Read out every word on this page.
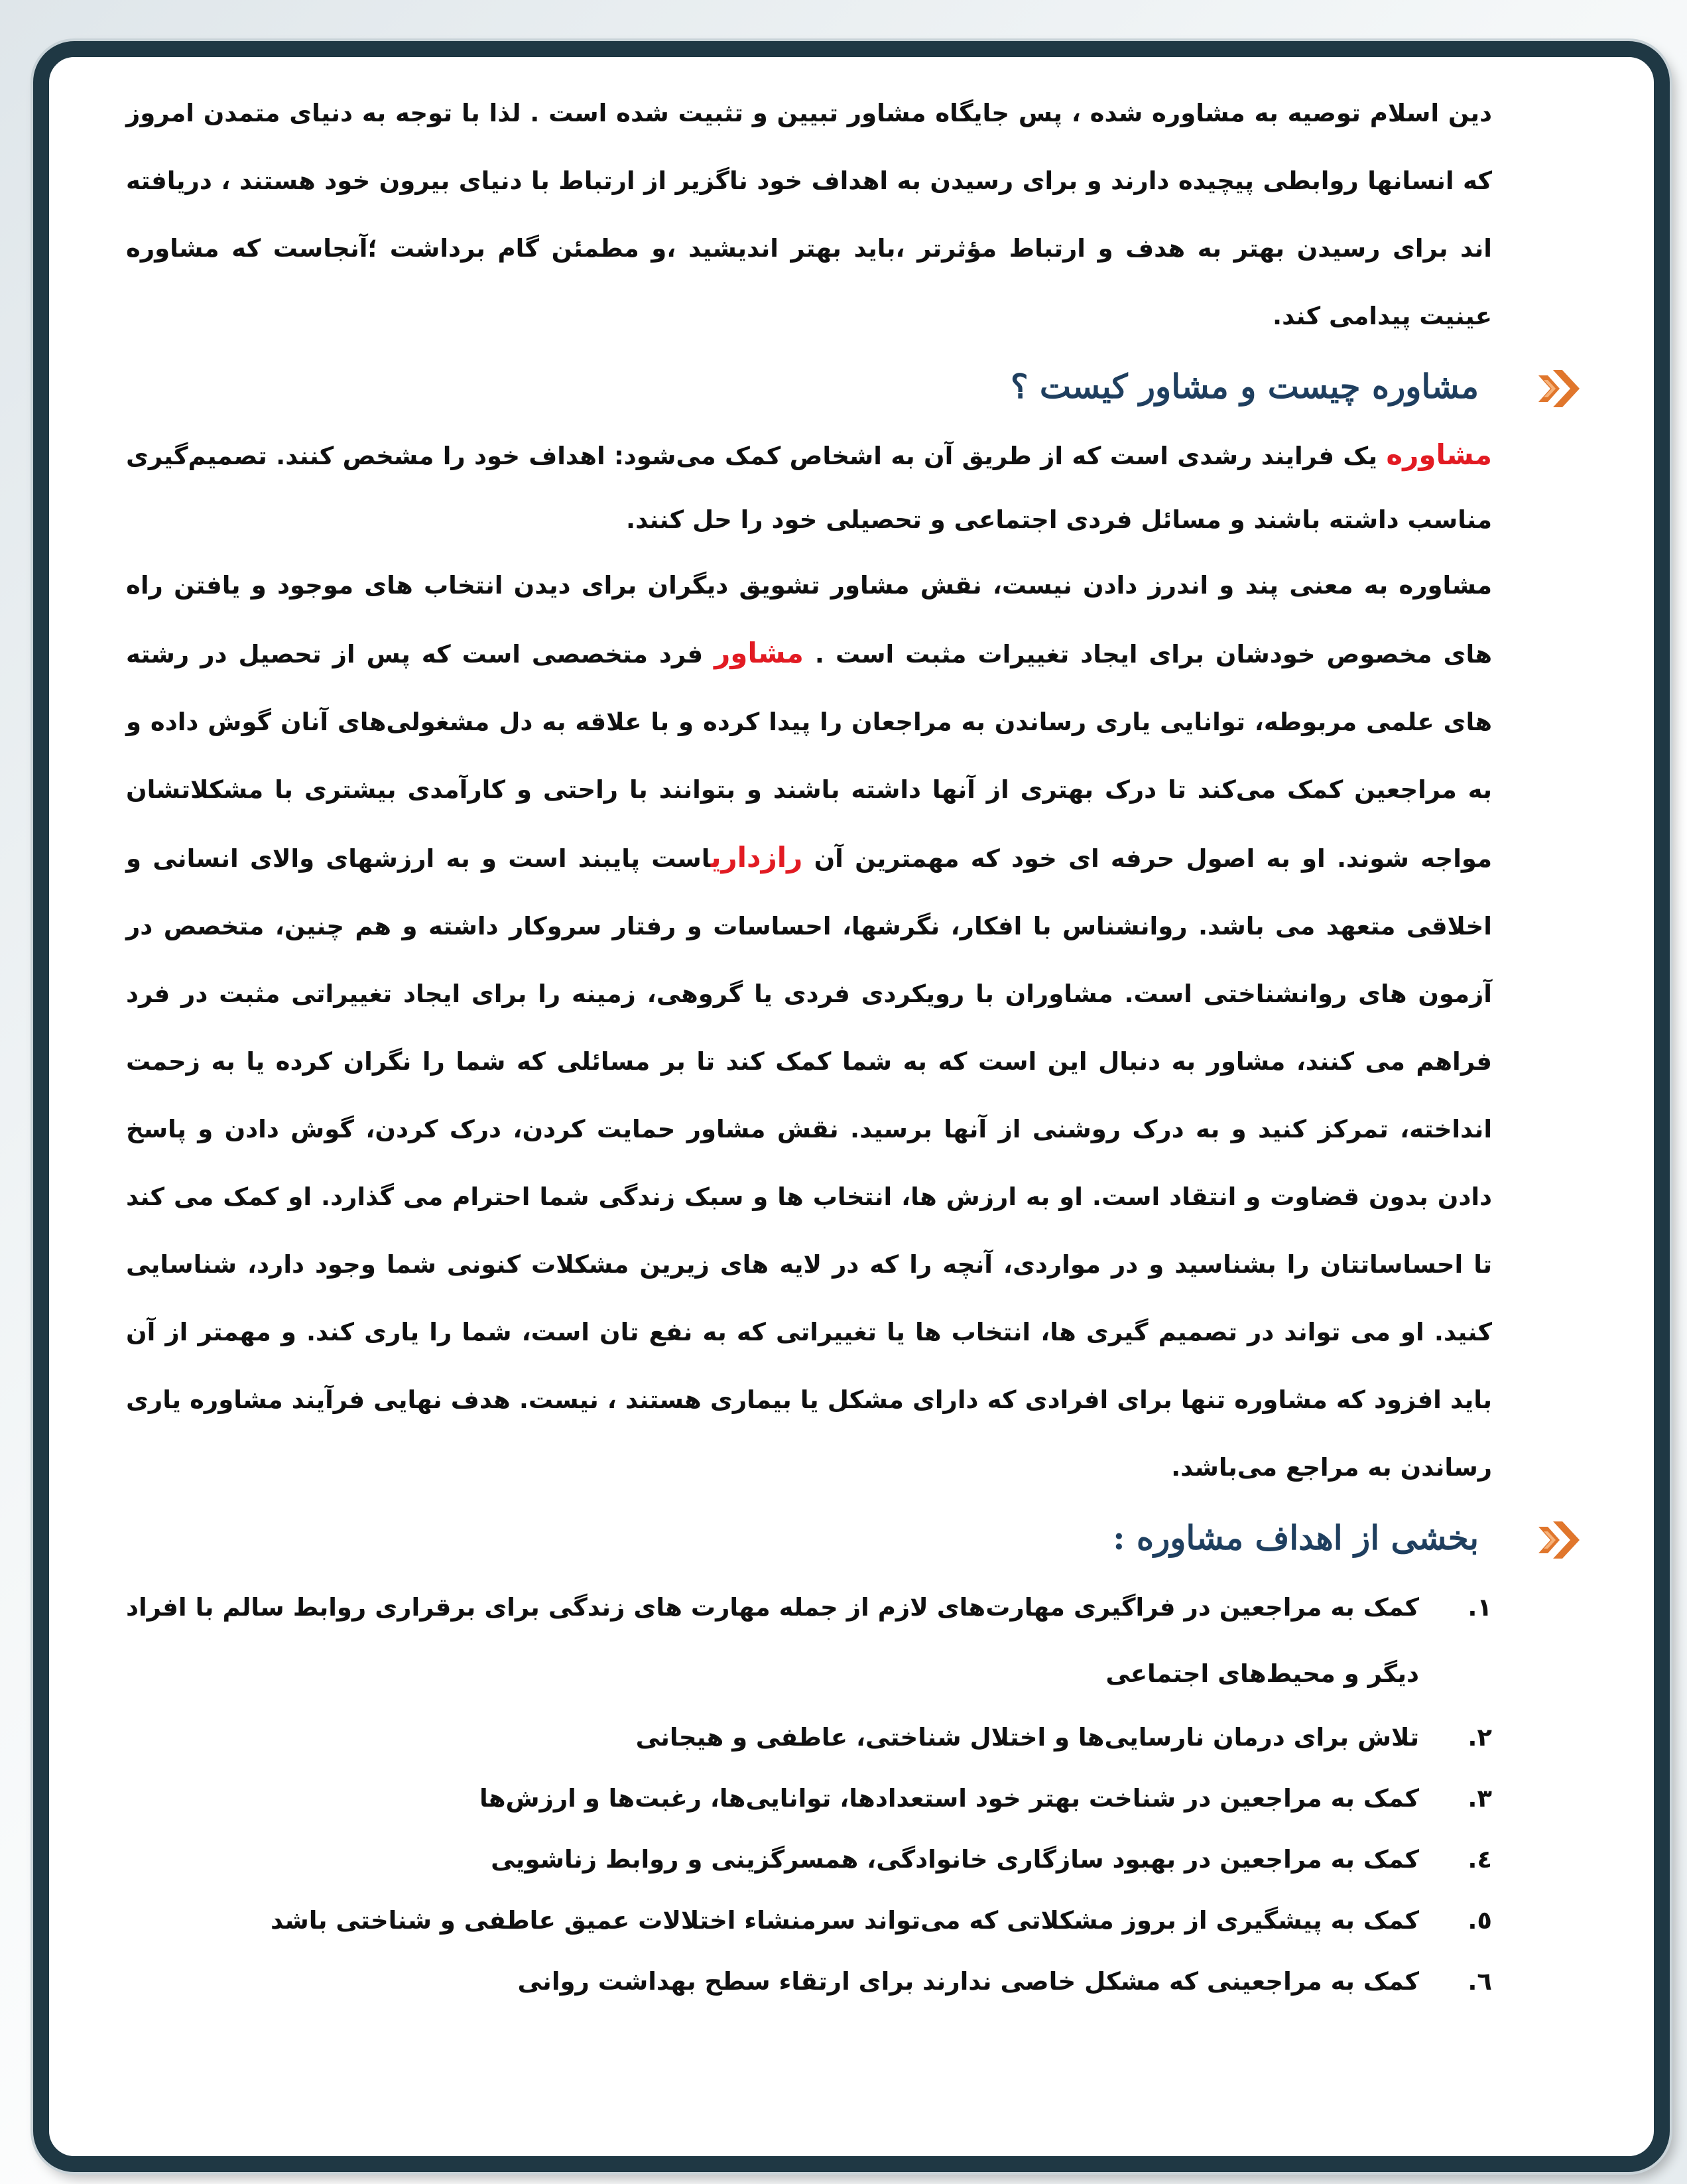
دین اسلام توصیه به مشاوره شده ، پس جایگاه مشاور تبیین و تثبیت شده است . لذا با توجه به دنیای متمدن امروز که انسانها روابطی پیچیده دارند و برای رسیدن به اهداف خود ناگزیر از ارتباط با دنیای بیرون خود هستند ، دریافته اند برای رسیدن بهتر به هدف و ارتباط مؤثرتر ،باید بهتر اندیشید ،و مطمئن گام برداشت ؛آنجاست که مشاوره عینیت پیدامی کند.

مشاوره چیست و مشاور کیست ؟

مشاوره یک فرایند رشدی است که از طریق آن به اشخاص کمک می‌شود: اهداف خود را مشخص کنند. تصمیم‌گیری مناسب داشته باشند و مسائل فردی اجتماعی و تحصیلی خود را حل کنند.

مشاوره به معنی پند و اندرز دادن نیست، نقش مشاور تشویق دیگران برای دیدن انتخاب های موجود و یافتن راه های مخصوص خودشان برای ایجاد تغییرات مثبت است . مشاور فرد متخصصی است که پس از تحصیل در رشته های علمی مربوطه، توانایی یاری رساندن به مراجعان را پیدا کرده و با علاقه به دل مشغولی‌های آنان گوش داده و به مراجعین کمک می‌کند تا درک بهتری از آنها داشته باشند و بتوانند با راحتی و کارآمدی بیشتری با مشکلاتشان مواجه شوند. او به اصول حرفه ای خود که مهمترین آن رازداریاست پایبند است و به ارزشهای والای انسانی و اخلاقی متعهد می باشد. روانشناس با افکار، نگرشها، احساسات و رفتار سروکار داشته و هم چنین، متخصص در آزمون های روانشناختی است. مشاوران با رویکردی فردی یا گروهی، زمینه را برای ایجاد تغییراتی مثبت در فرد فراهم می کنند، مشاور به دنبال این است که به شما کمک کند تا بر مسائلی که شما را نگران کرده یا به زحمت انداخته، تمرکز کنید و به درک روشنی از آنها برسید. نقش مشاور حمایت کردن، درک کردن، گوش دادن و پاسخ دادن بدون قضاوت و انتقاد است. او به ارزش ها، انتخاب ها و سبک زندگی شما احترام می گذارد. او کمک می کند تا احساساتتان را بشناسید و در مواردی، آنچه را که در لایه های زیرین مشکلات کنونی شما وجود دارد، شناسایی کنید. او می تواند در تصمیم گیری ها، انتخاب ها یا تغییراتی که به نفع تان است، شما را یاری کند. و مهمتر از آن باید افزود که مشاوره تنها برای افرادی که دارای مشکل یا بیماری هستند ، نیست. هدف نهایی فرآیند مشاوره یاری رساندن به مراجع می‌باشد.

بخشی از اهداف مشاوره :
١.
کمک به مراجعین در فراگیری مهارت‌های لازم از جمله مهارت های زندگی برای برقراری روابط سالم با افراد دیگر و محیط‌های اجتماعی
٢.
تلاش برای درمان نارسایی‌ها و اختلال شناختی، عاطفی و هیجانی
٣.
کمک به مراجعین در شناخت بهتر خود استعدادها، توانایی‌ها، رغبت‌ها و ارزش‌ها
٤.
کمک به مراجعین در بهبود سازگاری خانوادگی، همسرگزینی و روابط زناشویی
٥.
کمک به پیشگیری از بروز مشکلاتی که می‌تواند سرمنشاء اختلالات عمیق عاطفی و شناختی باشد
٦.
کمک به مراجعینی که مشکل خاصی ندارند برای ارتقاء سطح بهداشت روانی
